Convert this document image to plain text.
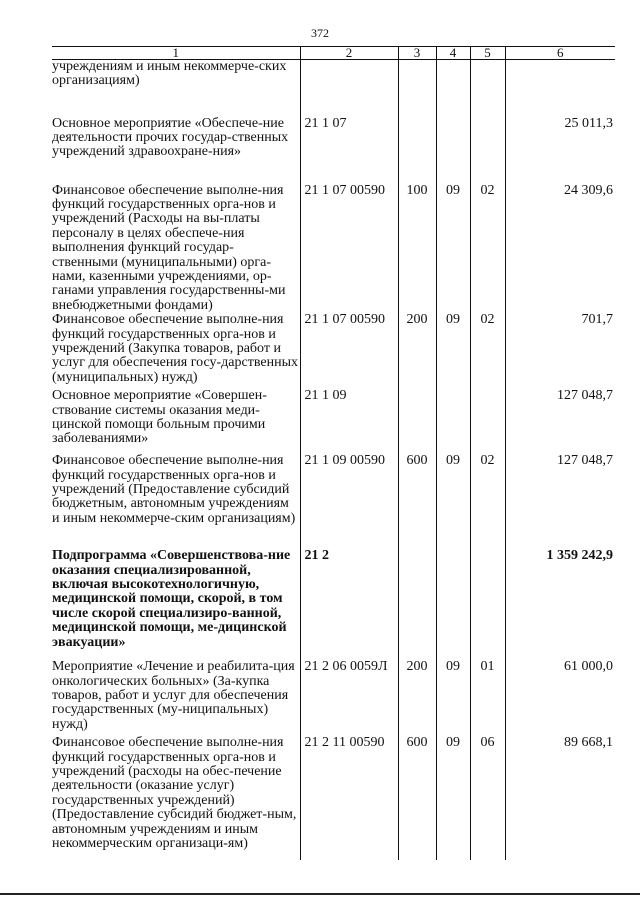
372
1	2	3	4	5	6
учреждениям и иным некоммерче-ских организациям)					
Основное мероприятие «Обеспече-ние деятельности прочих государ-ственных учреждений здравоохране-ния»	21 1 07				25 011,3
Финансовое обеспечение выполне-ния функций государственных орга-нов и учреждений (Расходы на вы-платы персоналу в целях обеспече-ния выполнения функций государ-ственными (муниципальными) орга-нами, казенными учреждениями, ор-ганами управления государственны-ми внебюджетными фондами)	21 1 07 00590	100	09	02	24 309,6
Финансовое обеспечение выполне-ния функций государственных орга-нов и учреждений (Закупка товаров, работ и услуг для обеспечения госу-дарственных (муниципальных) нужд)	21 1 07 00590	200	09	02	701,7
Основное мероприятие «Совершен-ствование системы оказания меди-цинской помощи больным прочими заболеваниями»	21 1 09				127 048,7
Финансовое обеспечение выполне-ния функций государственных орга-нов и учреждений (Предоставление субсидий бюджетным, автономным учреждениям и иным некоммерче-ским организациям)	21 1 09 00590	600	09	02	127 048,7
Подпрограмма «Совершенствова-ние оказания специализированной, включая высокотехнологичную, медицинской помощи, скорой, в том числе скорой специализиро-ванной, медицинской помощи, ме-дицинской эвакуации»	21 2				1 359 242,9
Мероприятие «Лечение и реабилита-ция онкологических больных» (За-купка товаров, работ и услуг для обеспечения государственных (му-ниципальных) нужд)	21 2 06 0059Л	200	09	01	61 000,0
Финансовое обеспечение выполне-ния функций государственных орга-нов и учреждений (расходы на обес-печение деятельности (оказание услуг) государственных учреждений) (Предоставление субсидий бюджет-ным, автономным учреждениям и иным некоммерческим организаци-ям)	21 2 11 00590	600	09	06	89 668,1
